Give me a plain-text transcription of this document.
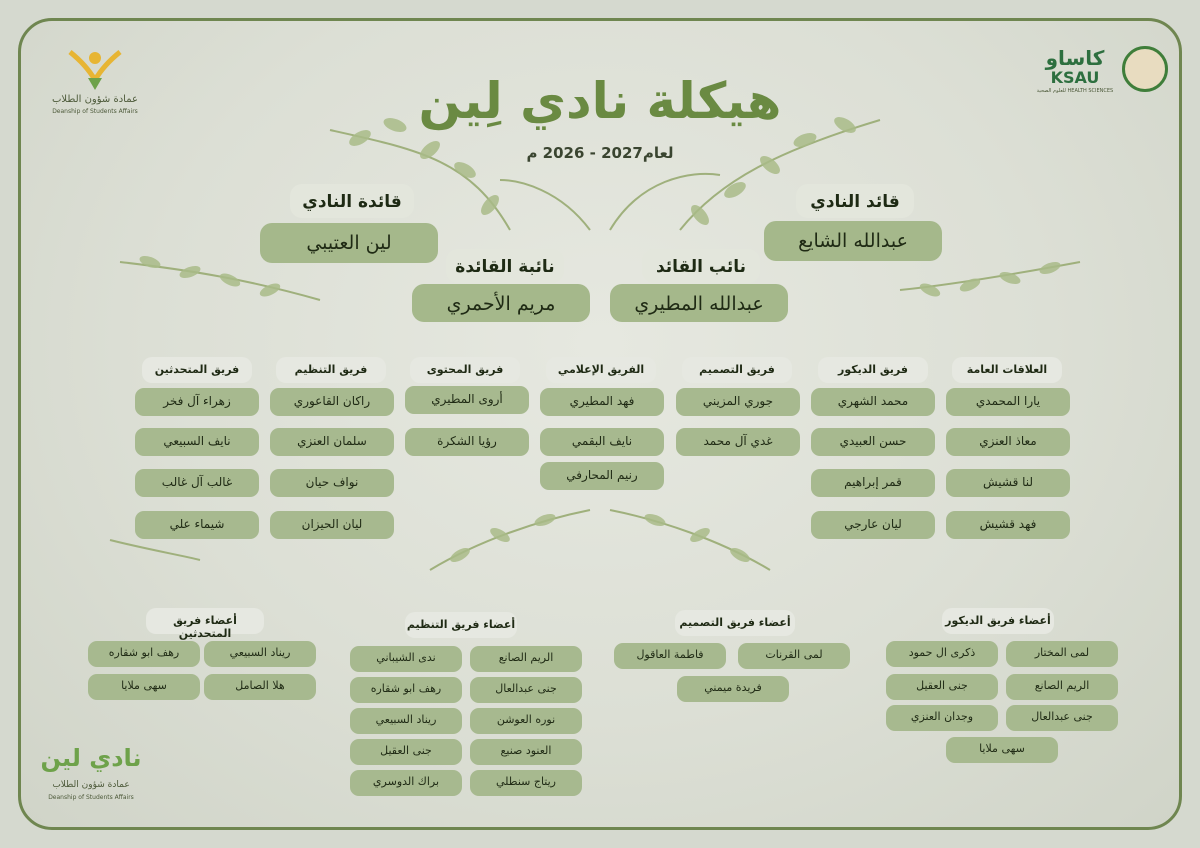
عمادة شؤون الطلاب
Deanship of Students Affairs
كاساو
KSAU
HEALTH SCIENCES للعلوم الصحية
هيكلة نادي لِين
لعام2027 - 2026 م
عبدالله الشايع
قائد النادي
لين العتيبي
قائدة النادي
عبدالله المطيري
نائب القائد
مريم الأحمري
نائبة القائدة
العلاقات العامة
يارا المحمدي
معاذ العنزي
لنا قشيش
فهد قشيش
فريق الديكور
محمد الشهري
حسن العبيدي
قمر إبراهيم
ليان عارجي
فريق التصميم
جوري المزيني
غدي آل محمد
الفريق الإعلامي
فهد المطيري
نايف البقمي
رنيم المحارفي
فريق المحتوى
أروى المطيري
رؤيا الشكرة
فريق التنظيم
راكان القاعوري
سلمان العنزي
نواف حيان
ليان الحيزان
فريق المتحدثين
زهراء آل فخر
نايف السبيعي
غالب آل غالب
شيماء علي
أعضاء فريق الديكور
لمى المختار
الريم الصانع
جنى عبدالعال
ذكرى ال حمود
جنى العقيل
وجدان العنزي
سهى ملايا
أعضاء فريق التصميم
لمى القرنات
فاطمة العاقول
فريدة ميمني
أعضاء فريق التنظيم
الريم الصانع
جنى عبدالعال
نوره العوشن
العنود صنيع
ريتاج سنطلي
ندى الشيباني
رهف ابو شقاره
ريناد السبيعي
جنى العقيل
براك الدوسري
أعضاء فريق المتحدثين
ريناد السبيعي
هلا الصامل
رهف ابو شقاره
سهى ملايا
نادي لين
عمادة شؤون الطلاب
Deanship of Students Affairs
